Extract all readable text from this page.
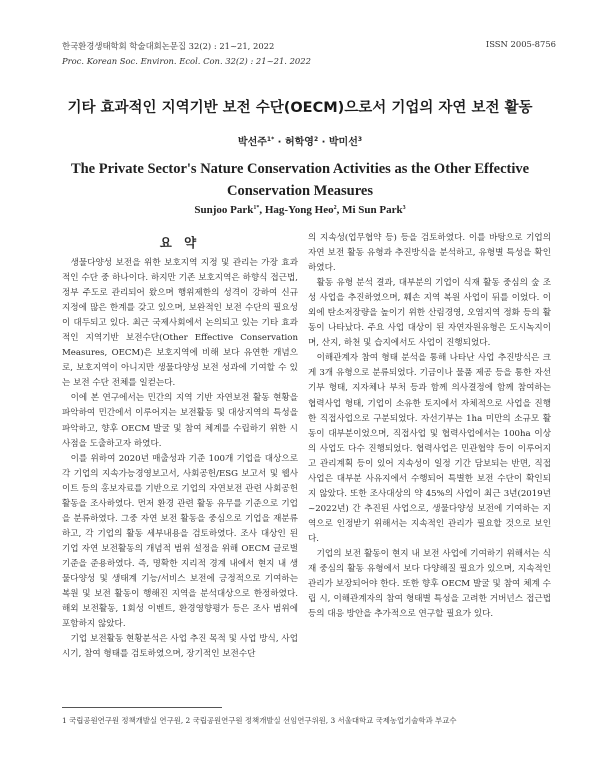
한국환경생태학회 학술대회논문집 32(2) : 21~21, 2022
Proc. Korean Soc. Environ. Ecol. Con. 32(2) : 21~21. 2022
ISSN 2005-8756
기타 효과적인 지역기반 보전 수단(OECM)으로서 기업의 자연 보전 활동
박선주$^{1*}$ · 허학영$^2$ · 박미선$^3$
The Private Sector's Nature Conservation Activities as the Other Effective Conservation Measures
Sunjoo Park$^{1*}$, Hag-Yong Heo$^2$, Mi Sun Park$^3$
요 약

생물다양성 보전을 위한 보호지역 지정 및 관리는 가장 효과적인 수단 중 하나이다. 하지만 기존 보호지역은 하향식 접근법, 정부 주도로 관리되어 왔으며 행위제한의 성격이 강하여 신규 지정에 많은 한계를 갖고 있으며, 보완적인 보전 수단의 필요성이 대두되고 있다. 최근 국제사회에서 논의되고 있는 기타 효과적인 지역기반 보전수단(Other Effective Conservation Measures, OECM)은 보호지역에 비해 보다 유연한 개념으로, 보호지역이 아니지만 생물다양성 보전 성과에 기여할 수 있는 보전 수단 전체를 일컫는다.

이에 본 연구에서는 민간의 지역 기반 자연보전 활동 현황을 파악하여 민간에서 이루어지는 보전활동 및 대상지역의 특성을 파악하고, 향후 OECM 발굴 및 참여 체계를 수립하기 위한 시사점을 도출하고자 하였다.

이를 위하여 2020년 매출성과 기준 100개 기업을 대상으로 각 기업의 지속가능경영보고서, 사회공헌/ESG 보고서 및 웹사이트 등의 홍보자료를 기반으로 기업의 자연보전 관련 사회공헌활동을 조사하였다. 먼저 환경 관련 활동 유무를 기준으로 기업을 분류하였다. 그중 자연 보전 활동을 중심으로 기업을 재분류하고, 각 기업의 활동 세부내용을 검토하였다. 조사 대상인 된 기업 자연 보전활동의 개념적 범위 설정을 위해 OECM 글로벌 기준을 준용하였다. 즉, 명확한 지리적 경계 내에서 현지 내 생물다양성 및 생태계 기능/서비스 보전에 긍정적으로 기여하는 복원 및 보전 활동이 행해진 지역을 분석대상으로 한정하였다. 해외 보전활동, 1회성 이벤트, 환경영향평가 등은 조사 범위에 포함하지 않았다.

기업 보전활동 현황분석은 사업 추진 목적 및 사업 방식, 사업 시기, 참여 형태를 검토하였으며, 장기적인 보전수단

의 지속성(업무협약 등) 등을 검토하였다. 이를 바탕으로 기업의 자연 보전 활동 유형과 추진방식을 분석하고, 유형별 특성을 확인하였다.

활동 유형 분석 결과, 대부분의 기업이 식재 활동 중심의 숲 조성 사업을 추진하였으며, 훼손 지역 복원 사업이 뒤를 이었다. 이 외에 탄소저장량을 높이기 위한 산림경영, 오염지역 정화 등의 활동이 나타났다. 주요 사업 대상이 된 자연자원유형은 도시녹지이며, 산지, 하천 및 습지에서도 사업이 진행되었다.

이해관계자 참여 형태 분석을 통해 나타난 사업 추진방식은 크게 3개 유형으로 분류되었다. 기금이나 물품 제공 등을 통한 자선기부 형태, 지자체나 부처 등과 함께 의사결정에 함께 참여하는 협력사업 형태, 기업이 소유한 토지에서 자체적으로 사업을 진행한 직접사업으로 구분되었다. 자선기부는 1ha 미만의 소규모 활동이 대부분이었으며, 직접사업 및 협력사업에서는 100ha 이상의 사업도 다수 진행되었다. 협력사업은 민관협약 등이 이루어지고 관리계획 등이 있어 지속성이 일정 기간 담보되는 반면, 직접사업은 대부분 사유지에서 수행되어 특별한 보전 수단이 확인되지 않았다. 또한 조사대상의 약 45%의 사업이 최근 3년(2019년~2022년) 간 추진된 사업으로, 생물다양성 보전에 기여하는 지역으로 인정받기 위해서는 지속적인 관리가 필요할 것으로 보인다.

기업의 보전 활동이 현지 내 보전 사업에 기여하기 위해서는 식재 중심의 활동 유형에서 보다 다양해질 필요가 있으며, 지속적인 관리가 보장되어야 한다. 또한 향후 OECM 발굴 및 참여 체계 수립 시, 이해관계자의 참여 형태별 특성을 고려한 거버넌스 접근법 등의 대응 방안을 추가적으로 연구할 필요가 있다.

1 국립공원연구원 정책개발실 연구원, 2 국립공원연구원 정책개발실 선임연구위원, 3 서울대학교 국제농업기술학과 부교수
